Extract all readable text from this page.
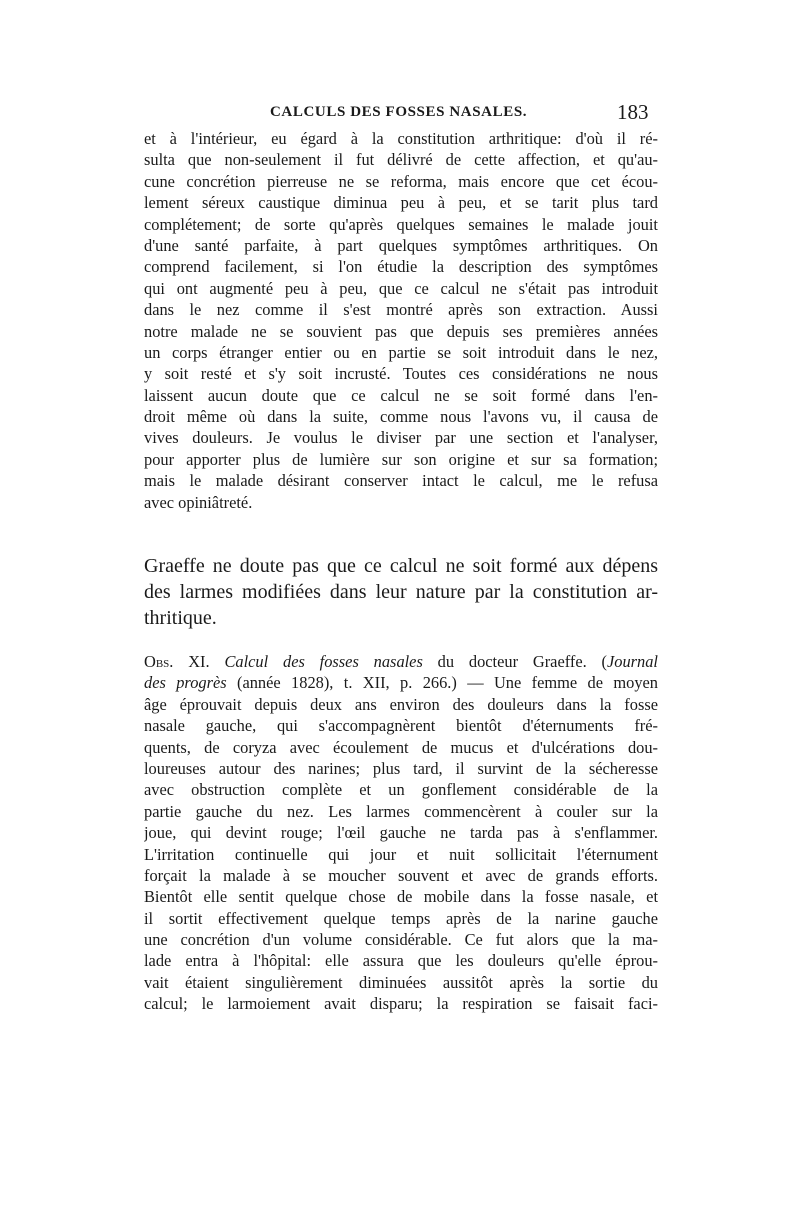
CALCULS DES FOSSES NASALES.	183
et à l'intérieur, eu égard à la constitution arthritique: d'où il ré-
sulta que non-seulement il fut délivré de cette affection, et qu'au-
cune concrétion pierreuse ne se reforma, mais encore que cet écou-
lement séreux caustique diminua peu à peu, et se tarit plus tard
complétement; de sorte qu'après quelques semaines le malade jouit
d'une santé parfaite, à part quelques symptômes arthritiques. On
comprend facilement, si l'on étudie la description des symptômes
qui ont augmenté peu à peu, que ce calcul ne s'était pas introduit
dans le nez comme il s'est montré après son extraction. Aussi
notre malade ne se souvient pas que depuis ses premières années
un corps étranger entier ou en partie se soit introduit dans le nez,
y soit resté et s'y soit incrusté. Toutes ces considérations ne nous
laissent aucun doute que ce calcul ne se soit formé dans l'en-
droit même où dans la suite, comme nous l'avons vu, il causa de
vives douleurs. Je voulus le diviser par une section et l'analyser,
pour apporter plus de lumière sur son origine et sur sa formation;
mais le malade désirant conserver intact le calcul, me le refusa
avec opiniâtreté.
Graeffe ne doute pas que ce calcul ne soit formé aux dépens
des larmes modifiées dans leur nature par la constitution ar-
thritique.
Obs. XI. Calcul des fosses nasales du docteur Graeffe. (Journal
des progrès (année 1828), t. XII, p. 266.) — Une femme de moyen
âge éprouvait depuis deux ans environ des douleurs dans la fosse
nasale gauche, qui s'accompagnèrent bientôt d'éternuments fré-
quents, de coryza avec écoulement de mucus et d'ulcérations dou-
loureuses autour des narines; plus tard, il survint de la sécheresse
avec obstruction complète et un gonflement considérable de la
partie gauche du nez. Les larmes commencèrent à couler sur la
joue, qui devint rouge; l'œil gauche ne tarda pas à s'enflammer.
L'irritation continuelle qui jour et nuit sollicitait l'éternument
forçait la malade à se moucher souvent et avec de grands efforts.
Bientôt elle sentit quelque chose de mobile dans la fosse nasale, et
il sortit effectivement quelque temps après de la narine gauche
une concrétion d'un volume considérable. Ce fut alors que la ma-
lade entra à l'hôpital: elle assura que les douleurs qu'elle éprou-
vait étaient singulièrement diminuées aussitôt après la sortie du
calcul; le larmoiement avait disparu; la respiration se faisait faci-
